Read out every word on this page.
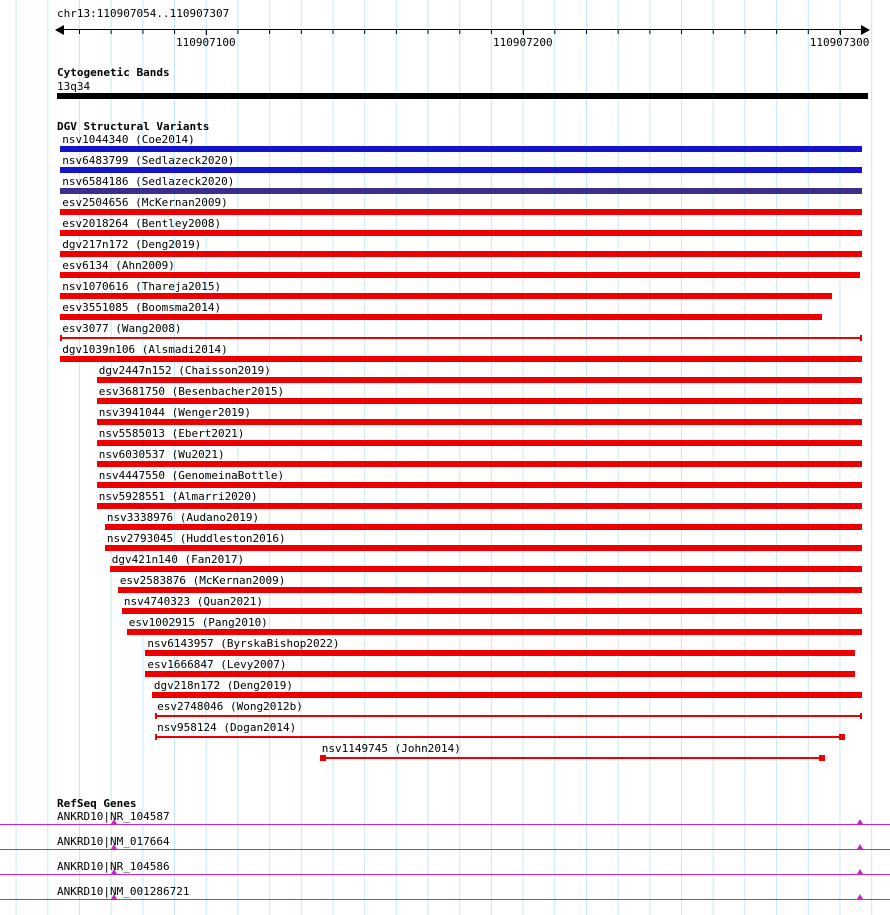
chr13:110907054..110907307
110907100	110907200	110907300
Cytogenetic Bands
13q34
DGV Structural Variants
nsv1044340 (Coe2014)
nsv6483799 (Sedlazeck2020)
nsv6584186 (Sedlazeck2020)
esv2504656 (McKernan2009)
esv2018264 (Bentley2008)
dgv217n172 (Deng2019)
esv6134 (Ahn2009)
nsv1070616 (Thareja2015)
esv3551085 (Boomsma2014)
esv3077 (Wang2008)
dgv1039n106 (Alsmadi2014)
dgv2447n152 (Chaisson2019)
esv3681750 (Besenbacher2015)
nsv3941044 (Wenger2019)
nsv5585013 (Ebert2021)
nsv6030537 (Wu2021)
nsv4447550 (GenomeinaBottle)
nsv5928551 (Almarri2020)
nsv3338976 (Audano2019)
nsv2793045 (Huddleston2016)
dgv421n140 (Fan2017)
esv2583876 (McKernan2009)
nsv4740323 (Quan2021)
esv1002915 (Pang2010)
nsv6143957 (ByrskaBishop2022)
esv1666847 (Levy2007)
dgv218n172 (Deng2019)
esv2748046 (Wong2012b)
nsv958124 (Dogan2014)
nsv1149745 (John2014)
RefSeq Genes
ANKRD10|NR_104587
ANKRD10|NM_017664
ANKRD10|NR_104586
ANKRD10|NM_001286721
